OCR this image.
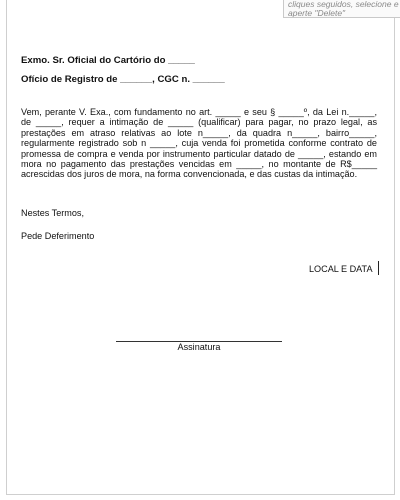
cliques seguidos, selecione e
aperte "Delete"
Exmo. Sr. Oficial do Cartório do _____
Ofício de Registro de ______, CGC n. ______
Vem, perante V. Exa., com fundamento no art. _____ e seu § _____º, da Lei n._____, de _____, requer a intimação de _____ (qualificar) para pagar, no prazo legal, as prestações em atraso relativas ao lote n_____, da quadra n_____, bairro_____, regularmente registrado sob n _____, cuja venda foi prometida conforme contrato de promessa de compra e venda por instrumento particular datado de _____, estando em mora no pagamento das prestações vencidas em _____, no montante de R$_____ acrescidas dos juros de mora, na forma convencionada, e das custas da intimação.
Nestes Termos,
Pede Deferimento
LOCAL E DATA
Assinatura
